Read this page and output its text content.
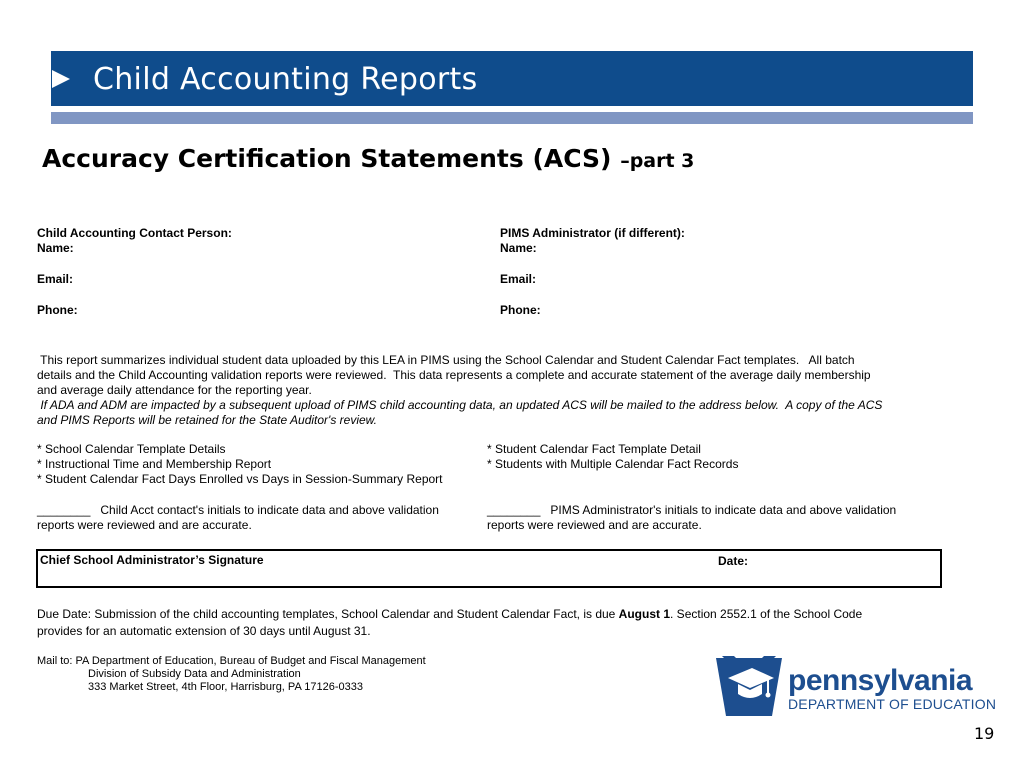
Child Accounting Reports
Accuracy Certification Statements (ACS) –part 3
Child Accounting Contact Person:
Name:
Email:
Phone:
PIMS Administrator (if different):
Name:
Email:
Phone:
This report summarizes individual student data uploaded by this LEA in PIMS using the School Calendar and Student Calendar Fact templates.   All batch
details and the Child Accounting validation reports were reviewed.  This data represents a complete and accurate statement of the average daily membership
and average daily attendance for the reporting year.
If ADA and ADM are impacted by a subsequent upload of PIMS child accounting data, an updated ACS will be mailed to the address below.  A copy of the ACS
and PIMS Reports will be retained for the State Auditor's review.
* School Calendar Template Details
* Instructional Time and Membership Report
* Student Calendar Fact Days Enrolled vs Days in Session-Summary Report
* Student Calendar Fact Template Detail
* Students with Multiple Calendar Fact Records
________   Child Acct contact's initials to indicate data and above validation
reports were reviewed and are accurate.
________   PIMS Administrator's initials to indicate data and above validation
reports were reviewed and are accurate.
Chief School Administrator’s Signature	Date:
Due Date: Submission of the child accounting templates, School Calendar and Student Calendar Fact, is due August 1. Section 2552.1 of the School Code
provides for an automatic extension of 30 days until August 31.
Mail to: PA Department of Education, Bureau of Budget and Fiscal Management
Division of Subsidy Data and Administration
333 Market Street, 4th Floor, Harrisburg, PA 17126-0333	pennsylvania
DEPARTMENT OF EDUCATION
19
